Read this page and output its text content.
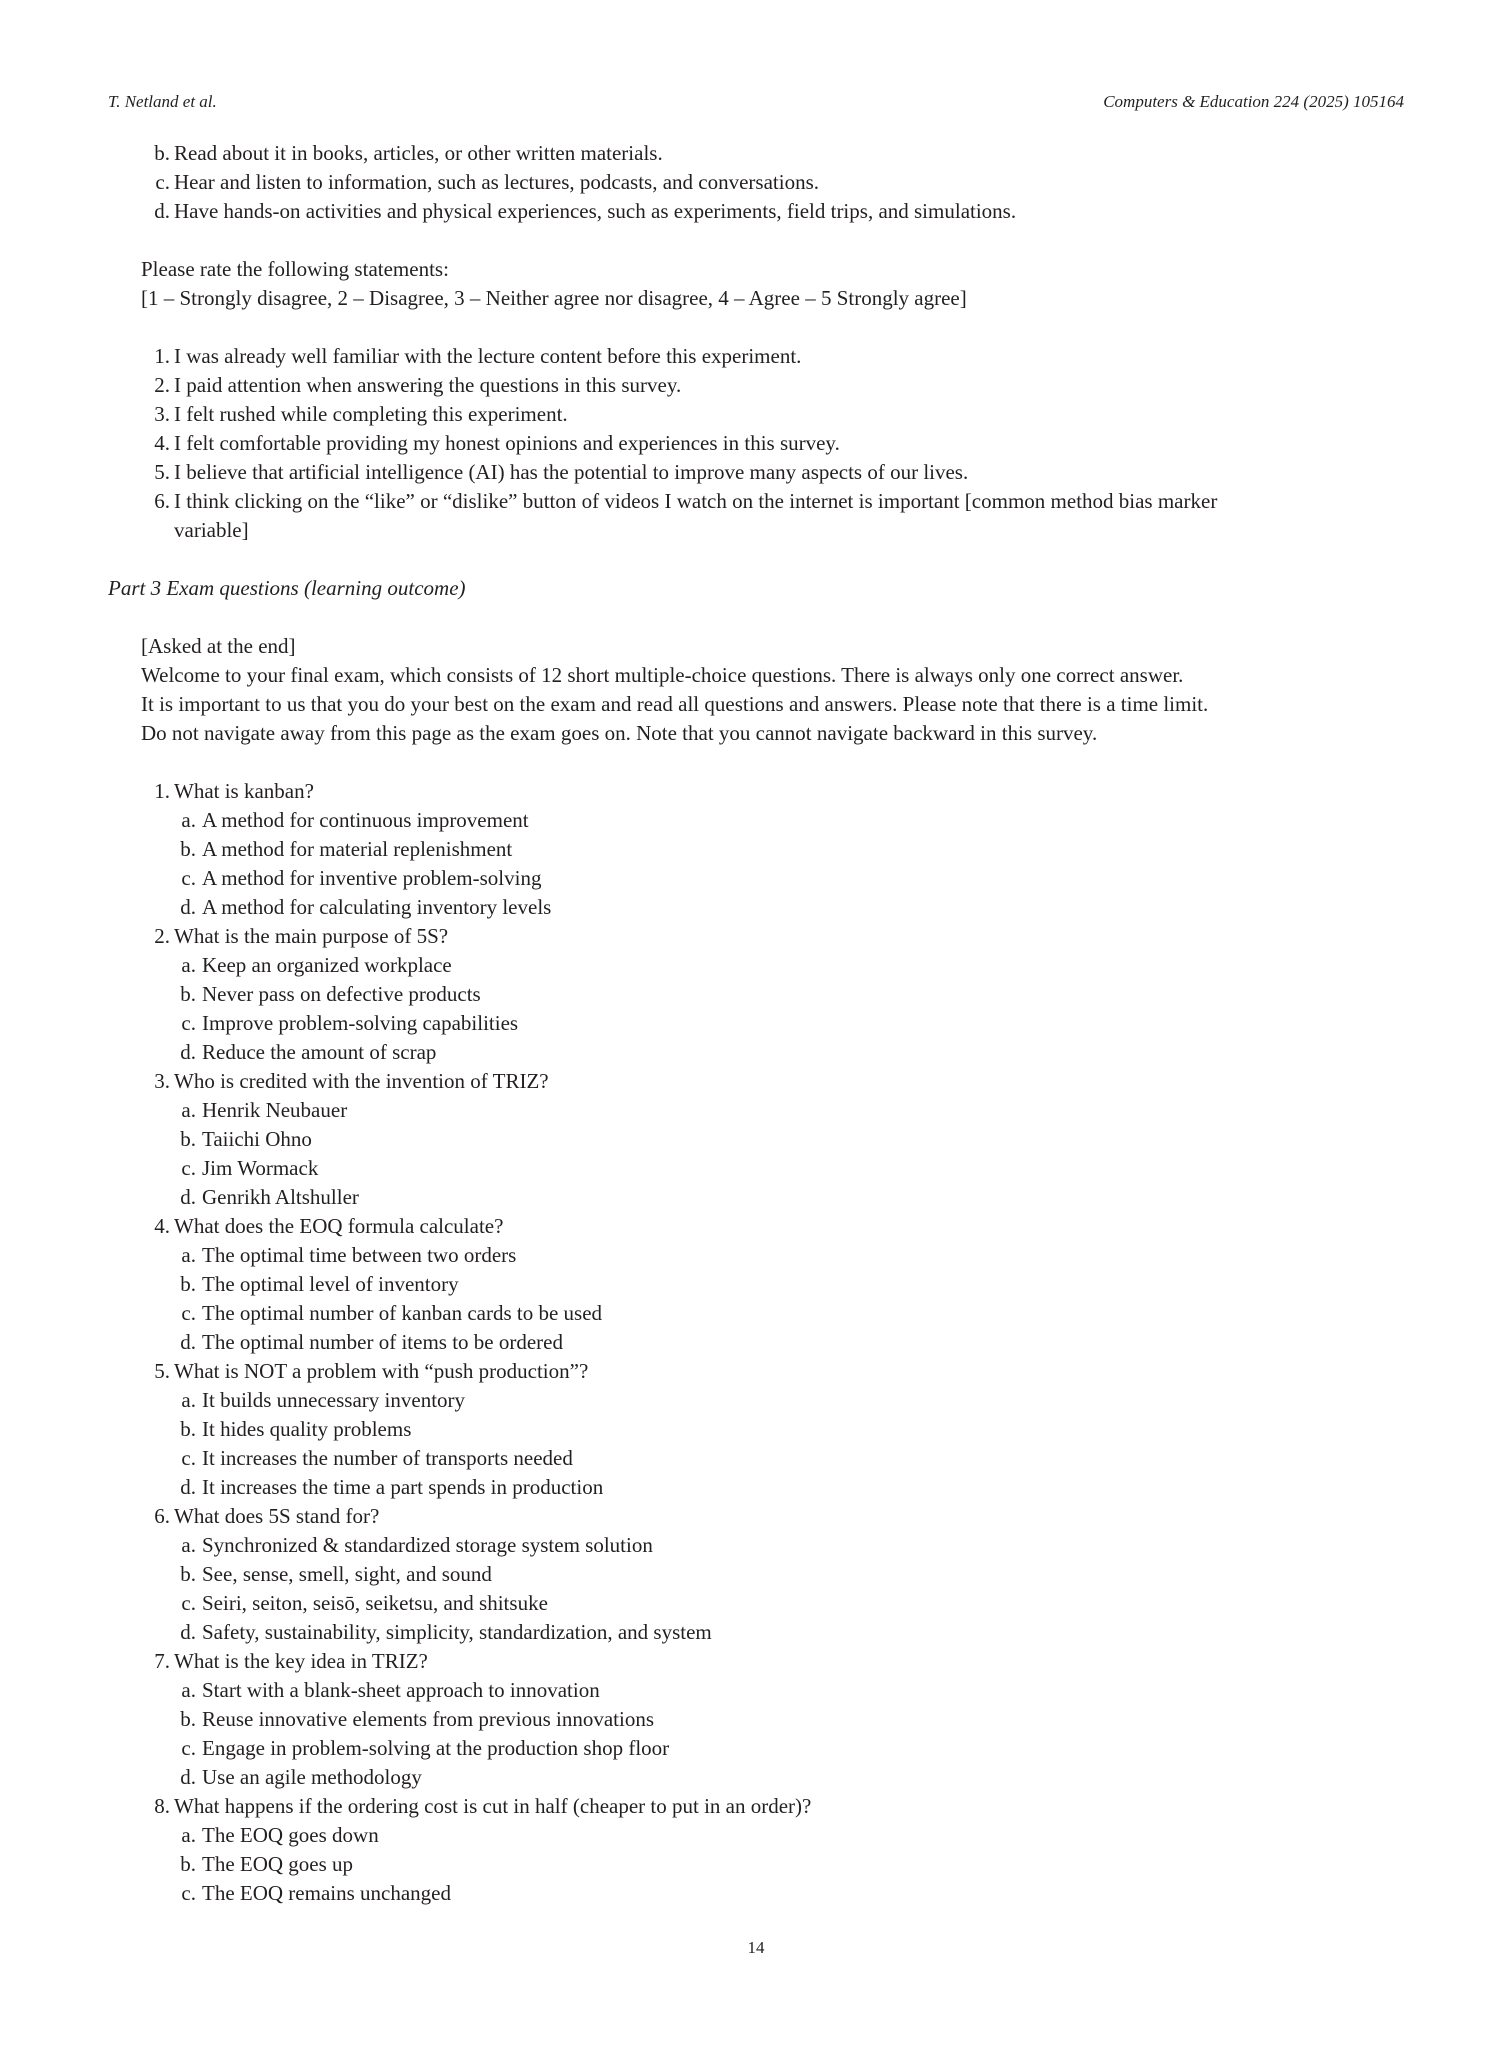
T. Netland et al.	Computers & Education 224 (2025) 105164
b. Read about it in books, articles, or other written materials.
c. Hear and listen to information, such as lectures, podcasts, and conversations.
d. Have hands-on activities and physical experiences, such as experiments, field trips, and simulations.
Please rate the following statements:
[1 – Strongly disagree, 2 – Disagree, 3 – Neither agree nor disagree, 4 – Agree – 5 Strongly agree]
1. I was already well familiar with the lecture content before this experiment.
2. I paid attention when answering the questions in this survey.
3. I felt rushed while completing this experiment.
4. I felt comfortable providing my honest opinions and experiences in this survey.
5. I believe that artificial intelligence (AI) has the potential to improve many aspects of our lives.
6. I think clicking on the “like” or “dislike” button of videos I watch on the internet is important [common method bias marker
variable]
Part 3 Exam questions (learning outcome)
[Asked at the end]
Welcome to your final exam, which consists of 12 short multiple-choice questions. There is always only one correct answer.
It is important to us that you do your best on the exam and read all questions and answers. Please note that there is a time limit.
Do not navigate away from this page as the exam goes on. Note that you cannot navigate backward in this survey.
1. What is kanban?
a. A method for continuous improvement
b. A method for material replenishment
c. A method for inventive problem-solving
d. A method for calculating inventory levels
2. What is the main purpose of 5S?
a. Keep an organized workplace
b. Never pass on defective products
c. Improve problem-solving capabilities
d. Reduce the amount of scrap
3. Who is credited with the invention of TRIZ?
a. Henrik Neubauer
b. Taiichi Ohno
c. Jim Wormack
d. Genrikh Altshuller
4. What does the EOQ formula calculate?
a. The optimal time between two orders
b. The optimal level of inventory
c. The optimal number of kanban cards to be used
d. The optimal number of items to be ordered
5. What is NOT a problem with “push production”?
a. It builds unnecessary inventory
b. It hides quality problems
c. It increases the number of transports needed
d. It increases the time a part spends in production
6. What does 5S stand for?
a. Synchronized & standardized storage system solution
b. See, sense, smell, sight, and sound
c. Seiri, seiton, seisō, seiketsu, and shitsuke
d. Safety, sustainability, simplicity, standardization, and system
7. What is the key idea in TRIZ?
a. Start with a blank-sheet approach to innovation
b. Reuse innovative elements from previous innovations
c. Engage in problem-solving at the production shop floor
d. Use an agile methodology
8. What happens if the ordering cost is cut in half (cheaper to put in an order)?
a. The EOQ goes down
b. The EOQ goes up
c. The EOQ remains unchanged
14
